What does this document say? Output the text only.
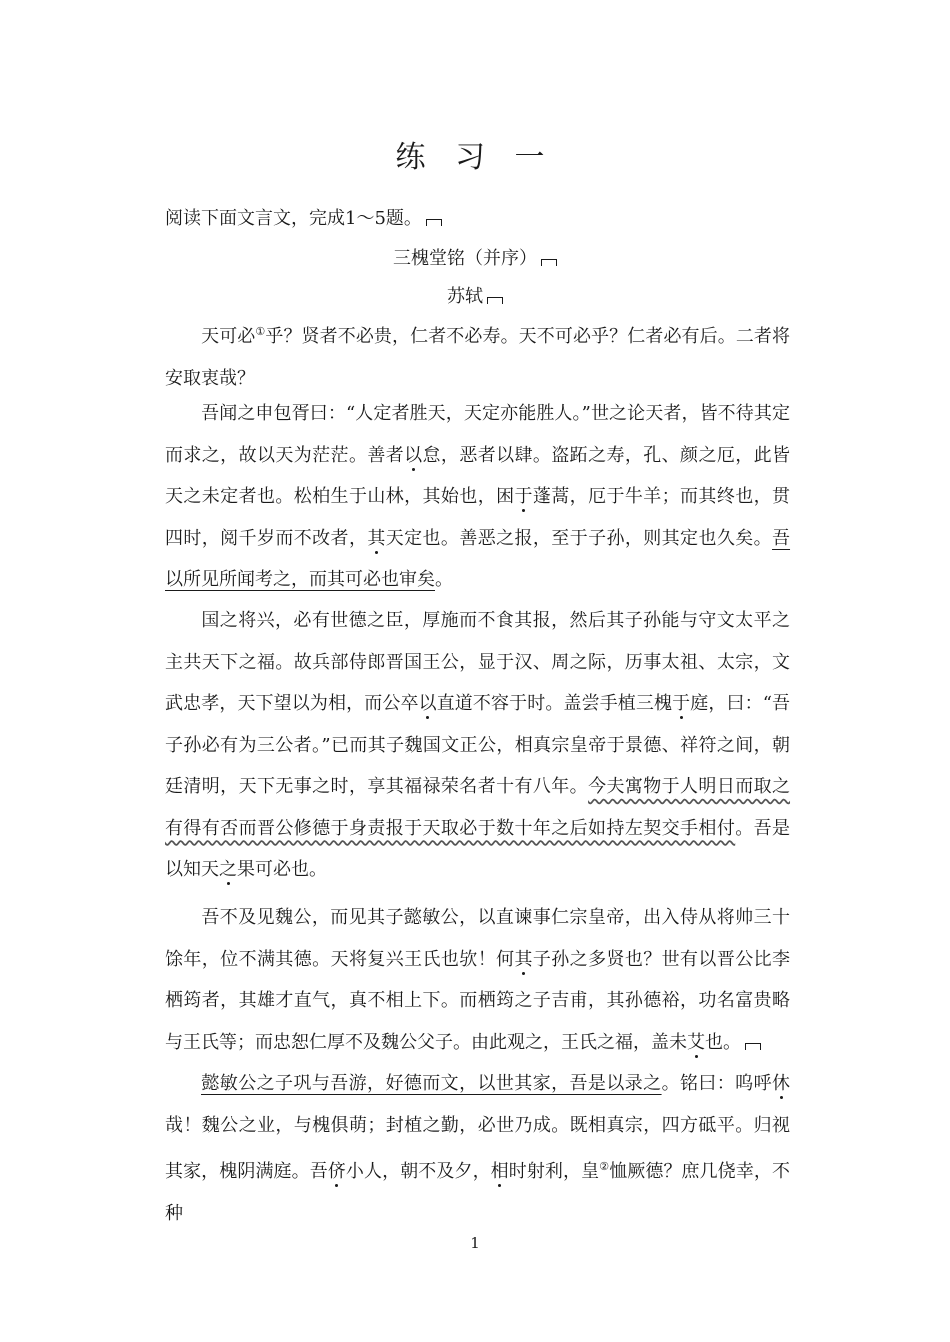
练 习 一
阅读下面文言文，完成1～5题。
三槐堂铭（并序）
苏轼
天可必①乎？贤者不必贵，仁者不必寿。天不可必乎？仁者必有后。二者将安取衷哉？
吾闻之申包胥曰：“人定者胜天，天定亦能胜人。”世之论天者，皆不待其定而求之，故以天为茫茫。善者以怠，恶者以肆。盗跖之寿，孔、颜之厄，此皆天之未定者也。松柏生于山林，其始也，困于蓬蒿，厄于牛羊；而其终也，贯四时，阅千岁而不改者，其天定也。善恶之报，至于子孙，则其定也久矣。吾以所见所闻考之，而其可必也审矣。
国之将兴，必有世德之臣，厚施而不食其报，然后其子孙能与守文太平之主共天下之福。故兵部侍郎晋国王公，显于汉、周之际，历事太祖、太宗，文武忠孝，天下望以为相，而公卒以直道不容于时。盖尝手植三槐于庭，曰：“吾子孙必有为三公者。”已而其子魏国文正公，相真宗皇帝于景德、祥符之间，朝廷清明，天下无事之时，享其福禄荣名者十有八年。今夫寓物于人明日而取之有得有否而晋公修德于身责报于天取必于数十年之后如持左契交手相付。吾是以知天之果可必也。
吾不及见魏公，而见其子懿敏公，以直谏事仁宗皇帝，出入侍从将帅三十馀年，位不满其德。天将复兴王氏也欤！何其子孙之多贤也？世有以晋公比李栖筠者，其雄才直气，真不相上下。而栖筠之子吉甫，其孙德裕，功名富贵略与王氏等；而忠恕仁厚不及魏公父子。由此观之，王氏之福，盖未艾也。
懿敏公之子巩与吾游，好德而文，以世其家，吾是以录之。铭曰：呜呼休哉！魏公之业，与槐俱萌；封植之勤，必世乃成。既相真宗，四方砥平。归视其家，槐阴满庭。吾侪小人，朝不及夕，相时射利，皇②恤厥德？庶几侥幸，不种
1
